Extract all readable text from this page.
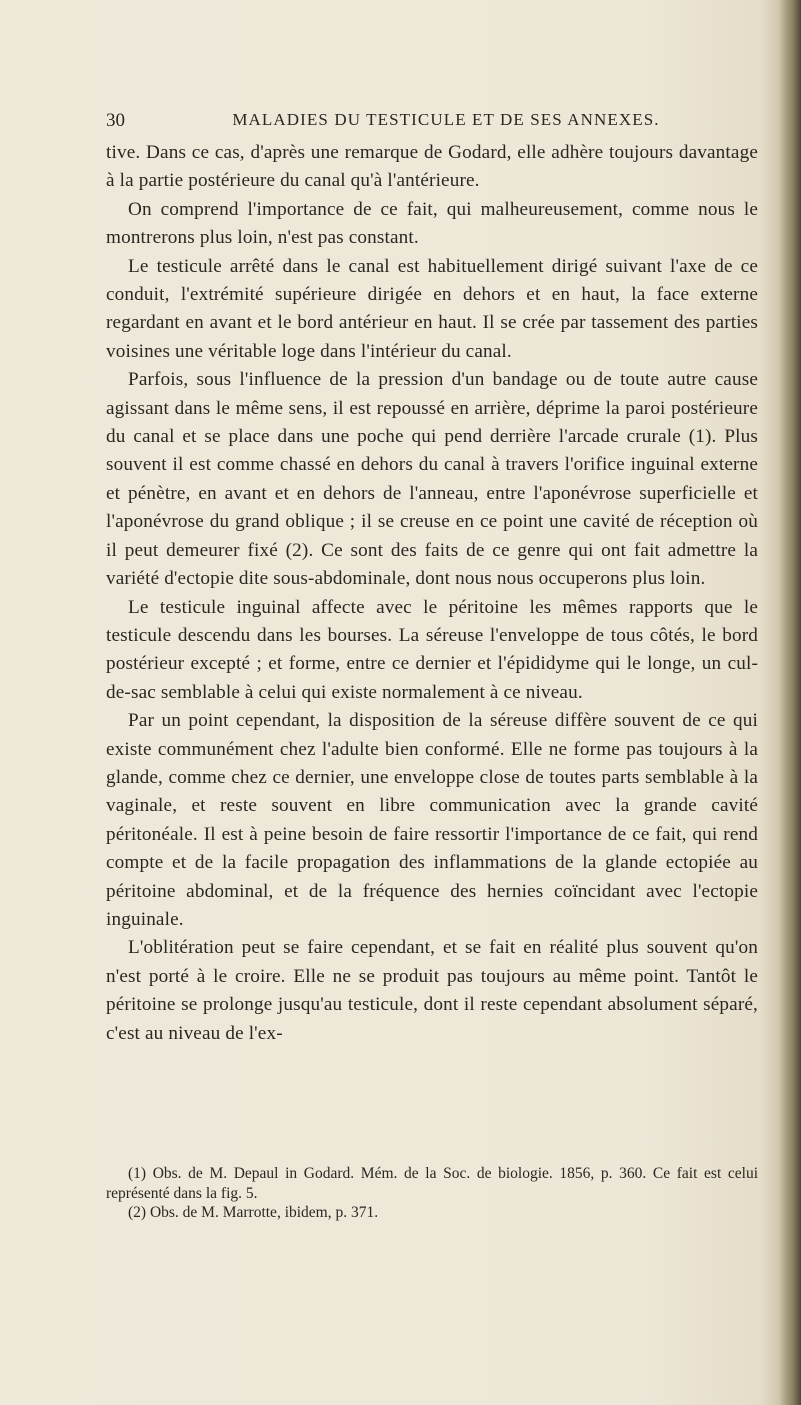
30	MALADIES DU TESTICULE ET DE SES ANNEXES.

tive. Dans ce cas, d'après une remarque de Godard, elle adhère toujours davantage à la partie postérieure du canal qu'à l'antérieure.

On comprend l'importance de ce fait, qui malheureusement, comme nous le montrerons plus loin, n'est pas constant.

Le testicule arrêté dans le canal est habituellement dirigé suivant l'axe de ce conduit, l'extrémité supérieure dirigée en dehors et en haut, la face externe regardant en avant et le bord antérieur en haut. Il se crée par tassement des parties voisines une véritable loge dans l'intérieur du canal.

Parfois, sous l'influence de la pression d'un bandage ou de toute autre cause agissant dans le même sens, il est repoussé en arrière, déprime la paroi postérieure du canal et se place dans une poche qui pend derrière l'arcade crurale (1). Plus souvent il est comme chassé en dehors du canal à travers l'orifice inguinal externe et pénètre, en avant et en dehors de l'anneau, entre l'aponévrose superficielle et l'aponévrose du grand oblique ; il se creuse en ce point une cavité de réception où il peut demeurer fixé (2). Ce sont des faits de ce genre qui ont fait admettre la variété d'ectopie dite sous-abdominale, dont nous nous occuperons plus loin.

Le testicule inguinal affecte avec le péritoine les mêmes rapports que le testicule descendu dans les bourses. La séreuse l'enveloppe de tous côtés, le bord postérieur excepté ; et forme, entre ce dernier et l'épididyme qui le longe, un cul-de-sac semblable à celui qui existe normalement à ce niveau.

Par un point cependant, la disposition de la séreuse diffère souvent de ce qui existe communément chez l'adulte bien conformé. Elle ne forme pas toujours à la glande, comme chez ce dernier, une enveloppe close de toutes parts semblable à la vaginale, et reste souvent en libre communication avec la grande cavité péritonéale. Il est à peine besoin de faire ressortir l'importance de ce fait, qui rend compte et de la facile propagation des inflammations de la glande ectopiée au péritoine abdominal, et de la fréquence des hernies coïncidant avec l'ectopie inguinale.

L'oblitération peut se faire cependant, et se fait en réalité plus souvent qu'on n'est porté à le croire. Elle ne se produit pas toujours au même point. Tantôt le péritoine se prolonge jusqu'au testicule, dont il reste cependant absolument séparé, c'est au niveau de l'ex-

(1) Obs. de M. Depaul in Godard. Mém. de la Soc. de biologie. 1856, p. 360. Ce fait est celui représenté dans la fig. 5.

(2) Obs. de M. Marrotte, ibidem, p. 371.
